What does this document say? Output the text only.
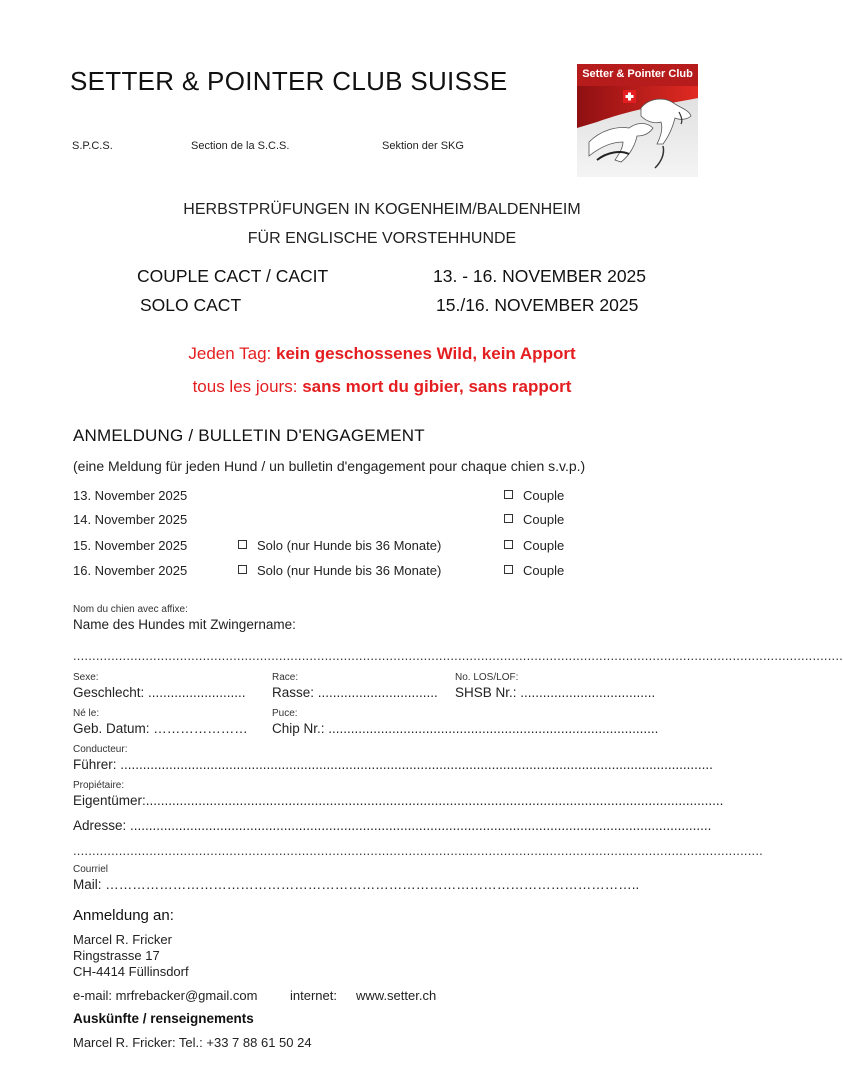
SETTER & POINTER CLUB SUISSE
S.P.C.S.	Section de la S.C.S.	Sektion der SKG
Setter & Pointer Club
HERBSTPRÜFUNGEN IN KOGENHEIM/BALDENHEIM
FÜR ENGLISCHE VORSTEHHUNDE
COUPLE CACT / CACIT	13. - 16. NOVEMBER 2025
SOLO CACT	15./16. NOVEMBER 2025
Jeden Tag: kein geschossenes Wild, kein Apport
tous les jours: sans mort du gibier, sans rapport
ANMELDUNG / BULLETIN D'ENGAGEMENT
(eine Meldung für jeden Hund / un bulletin d'engagement pour chaque chien s.v.p.)
13. November 2025	Couple
14. November 2025	Couple
15. November 2025	Solo (nur Hunde bis 36 Monate)	Couple
16. November 2025	Solo (nur Hunde bis 36 Monate)	Couple
Nom du chien avec affixe:
Name des Hundes mit Zwingername:
..........................................................................................................................................................................................................
Sexe:
Geschlecht: ..........................
Race:
Rasse: ................................
No. LOS/LOF:
SHSB Nr.: ....................................
Né le:
Geb. Datum: …………………
Puce:
Chip Nr.: ........................................................................................
Conducteur:
Führer: ..............................................................................................................................................................
Propiétaire:
Eigentümer:..........................................................................................................................................................
Adresse: ...........................................................................................................................................................
.....................................................................................................................................................................................
Courriel
Mail: ………………………………………………………………………………………………………..
Anmeldung an:
Marcel R. Fricker
Ringstrasse 17
CH-4414 Füllinsdorf
e-mail: mrfrebacker@gmail.com	internet: www.setter.ch
Auskünfte / renseignements
Marcel R. Fricker: Tel.: +33 7 88 61 50 24
